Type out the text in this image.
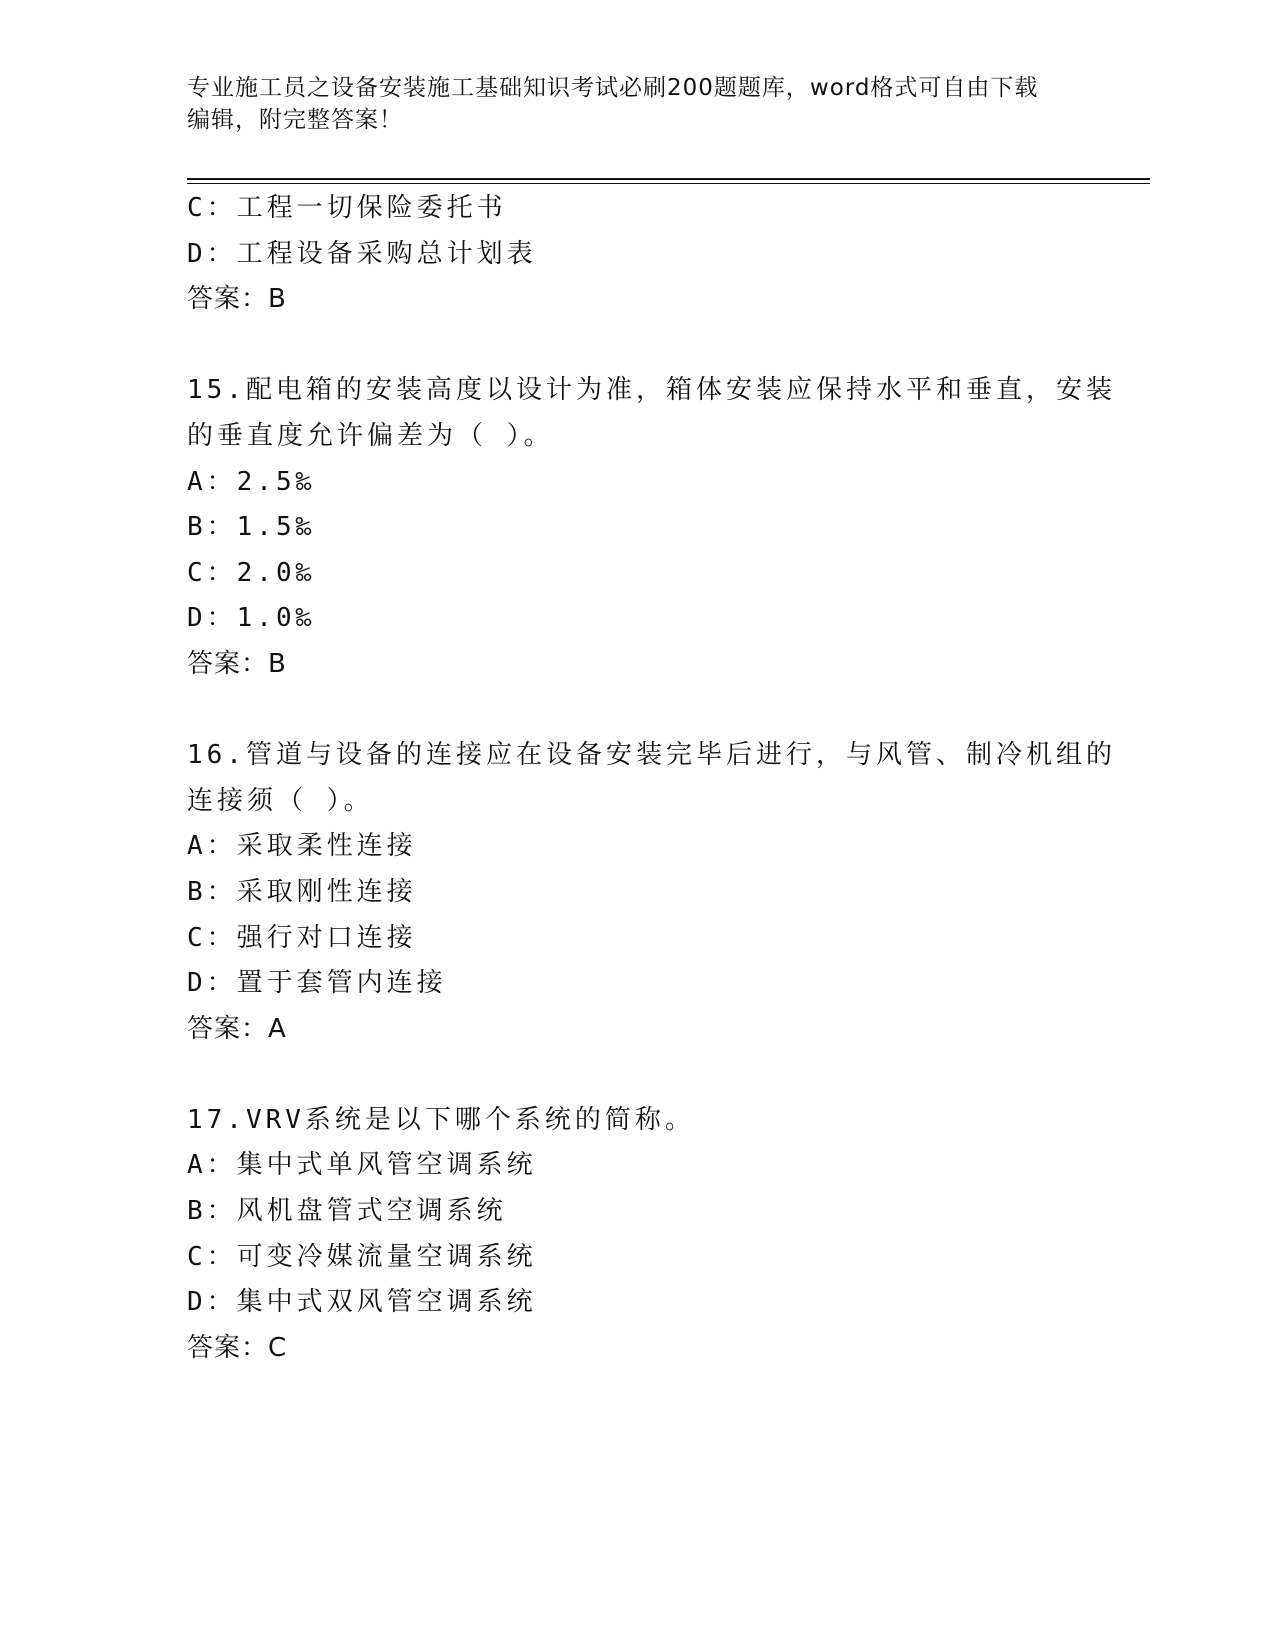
专业施工员之设备安装施工基础知识考试必刷200题题库，word格式可自由下载
编辑，附完整答案！
C：工程一切保险委托书
D：工程设备采购总计划表
答案：B
15.配电箱的安装高度以设计为准，箱体安装应保持水平和垂直，安装
的垂直度允许偏差为（ ）。
A：2.5‰
B：1.5‰
C：2.0‰
D：1.0‰
答案：B
16.管道与设备的连接应在设备安装完毕后进行，与风管、制冷机组的
连接须（ ）。
A：采取柔性连接
B：采取刚性连接
C：强行对口连接
D：置于套管内连接
答案：A
17.VRV系统是以下哪个系统的简称。
A：集中式单风管空调系统
B：风机盘管式空调系统
C：可变冷媒流量空调系统
D：集中式双风管空调系统
答案：C
